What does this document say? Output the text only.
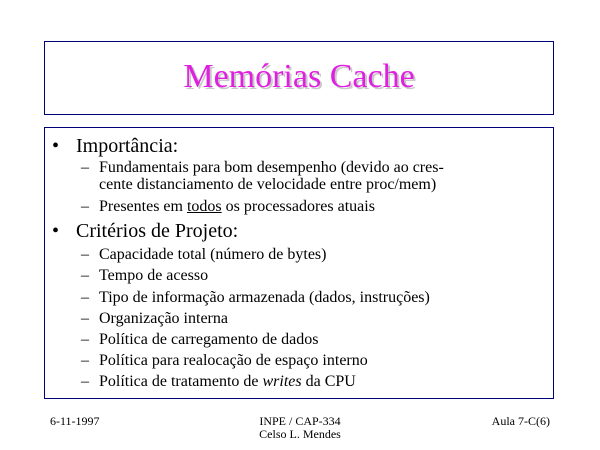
Memórias Cache
• Importância:
– Fundamentais para bom desempenho (devido ao cres-
cente distanciamento de velocidade entre proc/mem)
– Presentes em todos os processadores atuais
• Critérios de Projeto:
– Capacidade total (número de bytes)
– Tempo de acesso
– Tipo de informação armazenada (dados, instruções)
– Organização interna
– Política de carregamento de dados
– Política para realocação de espaço interno
– Política de tratamento de writes da CPU
6-11-1997	INPE / CAP-334
Celso L. Mendes
Aula 7-C(6)
